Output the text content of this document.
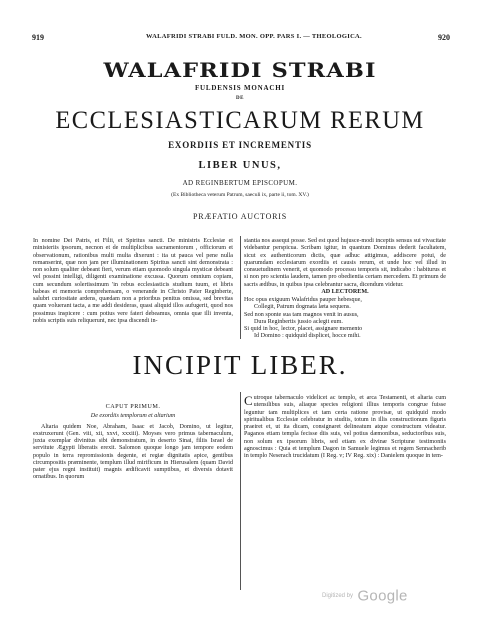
919	WALAFRIDI STRABI FULD. MON. OPP. PARS I. — THEOLOGICA.	920
WALAFRIDI STRABI
FULDENSIS MONACHI
DE
ECCLESIASTICARUM RERUM
EXORDIIS ET INCREMENTIS
LIBER UNUS,
AD REGINBERTUM EPISCOPUM.
(Ex Bibliotheca veterum Patrum, saeculi ix, parte ii, tom. XV.)
PRÆFATIO AUCTORIS

In nomine Dei Patris, et Filii, et Spiritus sancti. De ministris Ecclesiæ et ministeriis ipsorum, necnon et de multiplicibus sacramentorum , officiorum et observationum, rationibus multi multa dixerunt : ita ut pauca vel pene nulla remanserint, quæ non jam per illuminationem Spiritus sancti sint demonstrata : non solum qualiter debeant fieri, verum etiam quomodo singula mysticæ debeant vel possint intelligi, diligenti examinatione excussa. Quorum omnium copiam, cum secundum solertissimum 'in rebus ecclesiasticis studium tuum, et libris habeas et memoria comprehensam, o venerande in Christo Pater Reginberte, salubri curiositate ardens, quædam non a prioribus penitus omissa, sed brevitas quam voluerant tacta, a me addi desideras, quasi aliquid illos aufugerit, quod nos possimus inspicere : cum potius vere fateri debeamus, omnia quæ illi inventa, nobis scriptis suis reliquerunt, nec ipsa discendi in-

stantia nos assequi posse. Sed est quod hujusce-modi inceptis sensus sui vivacitate videbantur perspicua. Scribam igitur, in quantum Dominus dederit facultatem, sicut ex authenticorum dictis, quæ adhuc attigimus, addiscere potui, de quarumdam ecclesiarum exordiis et causis rerum, et unde hoc vel illud in consuetudinem venerit, et quomodo processu temporis sit, indicabo : habiturus et si non pro scientia laudem, tamen pro obedientia certam mercedem. Et primum de sacris ædibus, in quibus ipsa celebrantur sacra, dicendum videtur.

AD LECTOREM.

Hoc opus exiguum Walafridus pauper hebesque,

Collegit, Patrum dogmata læta sequens.

Sed non sponte sua tam magnos venit in ausus,

Dura Reginbertis jussio aclegit eum.

Si quid in hoc, lector, placet, assignare memento

Id Domino : quidquid displicet, hocce mihi.

INCIPIT LIBER.
CAPUT PRIMUM.
De exordiis templorum et altarium

Altaria quidem Noe, Abraham, Isaac et Jacob, Domino, ut legitur, exstruxerunt (Gen. viii, xii, xxvi, xxxiii). Moyses vero primus tabernaculum, juxta exemplar divinitus sibi demonstratum, in deserto Sinai, filiis Israel de servitute Ægypti liberatis erexit. Salomon quoque longo jam tempore eodem populo in terra repromissionis degente, et regiæ dignitatis apice, gentibus circumpositis præminente, templum illud mirificum in Hierusalem (quam David pater ejus regni instituit) magnis ædificavit sumptibus, et diversis dotavit ornatibus. In quorum

C utroque tabernaculo videlicet ac templo, et arca Testamenti, et altaria cum utensilibus suis, aliaque species religioni illius temporis congrue fuisse leguntur tam multiplices et tam certa ratione provisæ, ut quidquid modo spiritualibus Ecclesiæ celebratur in studiis, totum in illis constructionum figuris praeiret et, ut ita dicam, consignaret delineatum atque constructum videatur. Paganos etiam templa fecisse diis suis, vel potius dæmonibus, seductoribus suis, non solum ex ipsorum libris, sed etiam ex divinæ Scripturæ testimoniis agnoscimus : Quia et templum Dagon in Samuele legimus et regem Sennacherib in templo Neserach trucidatum (I Reg. v; IV Reg. xix) : Danielem quoque in tem-

Digitized by Google
